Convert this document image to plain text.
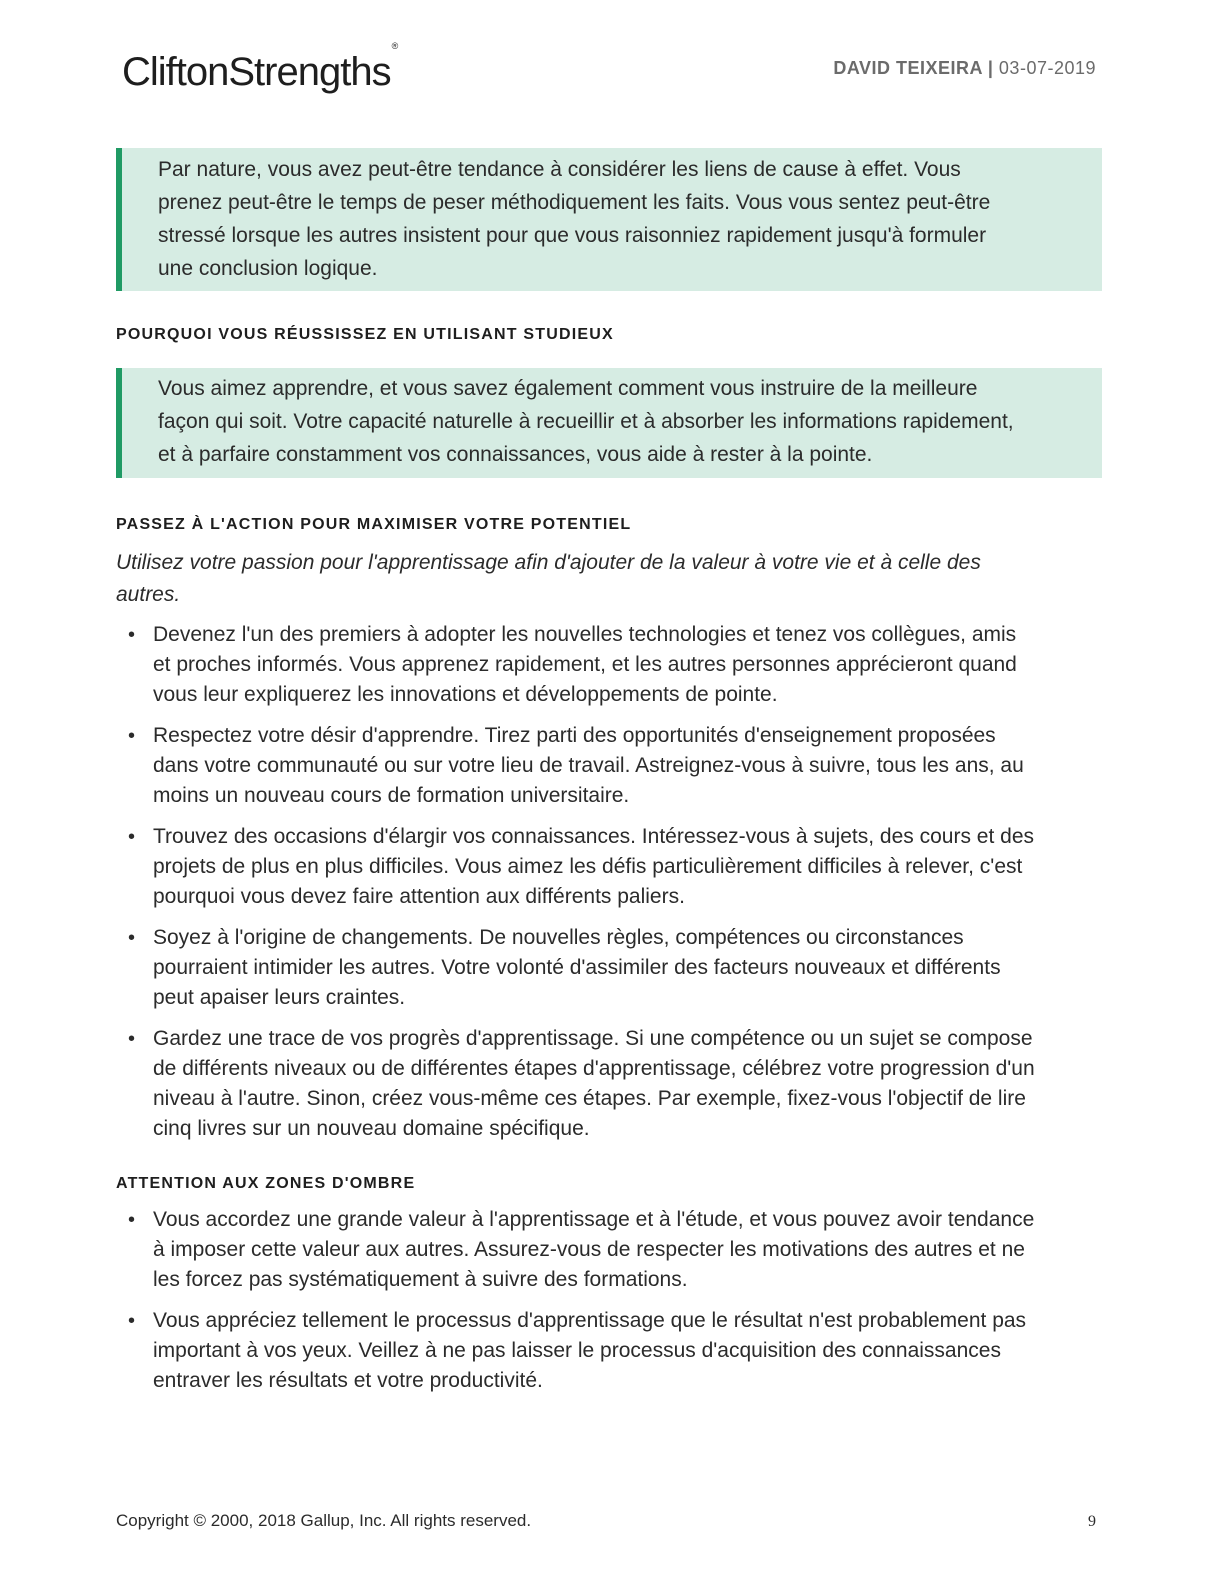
CliftonStrengths®
DAVID TEIXEIRA | 03-07-2019
Par nature, vous avez peut-être tendance à considérer les liens de cause à effet. Vous prenez peut-être le temps de peser méthodiquement les faits. Vous vous sentez peut-être stressé lorsque les autres insistent pour que vous raisonniez rapidement jusqu'à formuler une conclusion logique.
POURQUOI VOUS RÉUSSISSEZ EN UTILISANT STUDIEUX
Vous aimez apprendre, et vous savez également comment vous instruire de la meilleure façon qui soit. Votre capacité naturelle à recueillir et à absorber les informations rapidement, et à parfaire constamment vos connaissances, vous aide à rester à la pointe.
PASSEZ À L'ACTION POUR MAXIMISER VOTRE POTENTIEL
Utilisez votre passion pour l'apprentissage afin d'ajouter de la valeur à votre vie et à celle des autres.
• Devenez l'un des premiers à adopter les nouvelles technologies et tenez vos collègues, amis et proches informés. Vous apprenez rapidement, et les autres personnes apprécieront quand vous leur expliquerez les innovations et développements de pointe.
• Respectez votre désir d'apprendre. Tirez parti des opportunités d'enseignement proposées dans votre communauté ou sur votre lieu de travail. Astreignez-vous à suivre, tous les ans, au moins un nouveau cours de formation universitaire.
• Trouvez des occasions d'élargir vos connaissances. Intéressez-vous à sujets, des cours et des projets de plus en plus difficiles. Vous aimez les défis particulièrement difficiles à relever, c'est pourquoi vous devez faire attention aux différents paliers.
• Soyez à l'origine de changements. De nouvelles règles, compétences ou circonstances pourraient intimider les autres. Votre volonté d'assimiler des facteurs nouveaux et différents peut apaiser leurs craintes.
• Gardez une trace de vos progrès d'apprentissage. Si une compétence ou un sujet se compose de différents niveaux ou de différentes étapes d'apprentissage, célébrez votre progression d'un niveau à l'autre. Sinon, créez vous-même ces étapes. Par exemple, fixez-vous l'objectif de lire cinq livres sur un nouveau domaine spécifique.
ATTENTION AUX ZONES D'OMBRE
• Vous accordez une grande valeur à l'apprentissage et à l'étude, et vous pouvez avoir tendance à imposer cette valeur aux autres. Assurez-vous de respecter les motivations des autres et ne les forcez pas systématiquement à suivre des formations.
• Vous appréciez tellement le processus d'apprentissage que le résultat n'est probablement pas important à vos yeux. Veillez à ne pas laisser le processus d'acquisition des connaissances entraver les résultats et votre productivité.
Copyright © 2000, 2018 Gallup, Inc. All rights reserved.	9
